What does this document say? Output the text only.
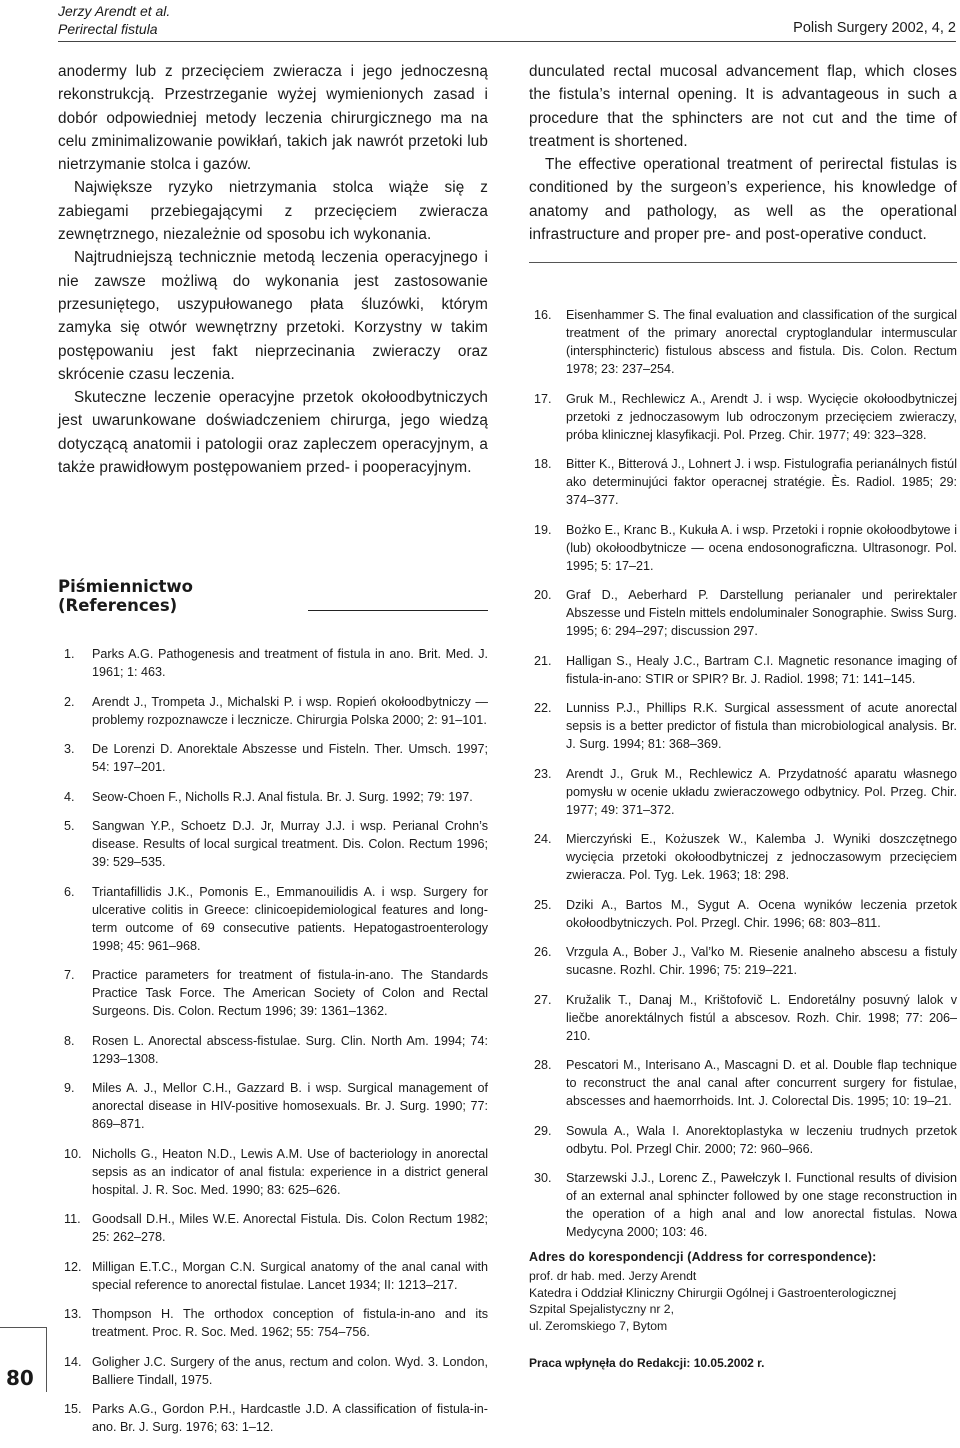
Jerzy Arendt et al.
Perirectal fistula	Polish Surgery 2002, 4, 2

anodermy lub z przecięciem zwieracza i jego jednoczesną rekonstrukcją. Przestrzeganie wyżej wymienionych zasad i dobór odpowiedniej metody leczenia chirurgicznego ma na celu zminimalizowanie powikłań, takich jak nawrót przetoki lub nietrzymanie stolca i gazów.

Największe ryzyko nietrzymania stolca wiąże się z zabiegami przebiegającymi z przecięciem zwieracza zewnętrznego, niezależnie od sposobu ich wykonania.

Najtrudniejszą technicznie metodą leczenia operacyjnego i nie zawsze możliwą do wykonania jest zastosowanie przesuniętego, uszypułowanego płata śluzówki, którym zamyka się otwór wewnętrzny przetoki. Korzystny w takim postępowaniu jest fakt nieprzecinania zwieraczy oraz skrócenie czasu leczenia.

Skuteczne leczenie operacyjne przetok okołoodbytniczych jest uwarunkowane doświadczeniem chirurga, jego wiedzą dotyczącą anatomii i patologii oraz zapleczem operacyjnym, a także prawidłowym postępowaniem przed- i pooperacyjnym.

Piśmiennictwo (References)
1.	Parks A.G. Pathogenesis and treatment of fistula in ano. Brit. Med. J. 1961; 1: 463.
2.	Arendt J., Trompeta J., Michalski P. i wsp. Ropień okołoodbytniczy — problemy rozpoznawcze i lecznicze. Chirurgia Polska 2000; 2: 91–101.
3.	De Lorenzi D. Anorektale Abszesse und Fisteln. Ther. Umsch. 1997; 54: 197–201.
4.	Seow-Choen F., Nicholls R.J. Anal fistula. Br. J. Surg. 1992; 79: 197.
5.	Sangwan Y.P., Schoetz D.J. Jr, Murray J.J. i wsp. Perianal Crohn’s disease. Results of local surgical treatment. Dis. Colon. Rectum 1996; 39: 529–535.
6.	Triantafillidis J.K., Pomonis E., Emmanouilidis A. i wsp. Surgery for ulcerative colitis in Greece: clinicoepidemiological features and long-term outcome of 69 consecutive patients. Hepatogastroenterology 1998; 45: 961–968.
7.	Practice parameters for treatment of fistula-in-ano. The Standards Practice Task Force. The American Society of Colon and Rectal Surgeons. Dis. Colon. Rectum 1996; 39: 1361–1362.
8.	Rosen L. Anorectal abscess-fistulae. Surg. Clin. North Am. 1994; 74: 1293–1308.
9.	Miles A. J., Mellor C.H., Gazzard B. i wsp. Surgical management of anorectal disease in HIV-positive homosexuals. Br. J. Surg. 1990; 77: 869–871.
10. Nicholls G., Heaton N.D., Lewis A.M. Use of bacteriology in anorectal sepsis as an indicator of anal fistula: experience in a district general hospital. J. R. Soc. Med. 1990; 83: 625–626.
11. Goodsall D.H., Miles W.E. Anorectal Fistula. Dis. Colon Rectum 1982; 25: 262–278.
12. Milligan E.T.C., Morgan C.N. Surgical anatomy of the anal canal with special reference to anorectal fistulae. Lancet 1934; II: 1213–217.
13. Thompson H. The orthodox conception of fistula-in-ano and its treatment. Proc. R. Soc. Med. 1962; 55: 754–756.
14. Goligher J.C. Surgery of the anus, rectum and colon. Wyd. 3. London, Balliere Tindall, 1975.
15. Parks A.G., Gordon P.H., Hardcastle J.D. A classification of fistula-in-ano. Br. J. Surg. 1976; 63: 1–12.

dunculated rectal mucosal advancement flap, which closes the fistula’s internal opening. It is advantageous in such a procedure that the sphincters are not cut and the time of treatment is shortened.

The effective operational treatment of perirectal fistulas is conditioned by the surgeon’s experience, his knowledge of anatomy and pathology, as well as the operational infrastructure and proper pre- and post-operative conduct.

16.	Eisenhammer S. The final evaluation and classification of the surgical treatment of the primary anorectal cryptoglandular intermuscular (intersphincteric) fistulous abscess and fistula. Dis. Colon. Rectum 1978; 23: 237–254.
17.	Gruk M., Rechlewicz A., Arendt J. i wsp. Wycięcie okołoodbytniczej przetoki z jednoczasowym lub odroczonym przecięciem zwieraczy, próba klinicznej klasyfikacji. Pol. Przeg. Chir. 1977; 49: 323–328.
18.	Bitter K., Bitterová J., Lohnert J. i wsp. Fistulografia perianálnych fistúl ako determinujúci faktor operacnej stratégie. Ès. Radiol. 1985; 29: 374–377.
19.	Bożko E., Kranc B., Kukuła A. i wsp. Przetoki i ropnie okołoodbytowe i (lub) okołoodbytnicze — ocena endosonograficzna. Ultrasonogr. Pol. 1995; 5: 17–21.
20.	Graf D., Aeberhard P. Darstellung perianaler und perirektaler Abszesse und Fisteln mittels endoluminaler Sonographie. Swiss Surg. 1995; 6: 294–297; discussion 297.
21.	Halligan S., Healy J.C., Bartram C.I. Magnetic resonance imaging of fistula-in-ano: STIR or SPIR? Br. J. Radiol. 1998; 71: 141–145.
22.	Lunniss P.J., Phillips R.K. Surgical assessment of acute anorectal sepsis is a better predictor of fistula than microbiological analysis. Br. J. Surg. 1994; 81: 368–369.
23.	Arendt J., Gruk M., Rechlewicz A. Przydatność aparatu własnego pomysłu w ocenie układu zwieraczowego odbytnicy. Pol. Przeg. Chir. 1977; 49: 371–372.
24.	Mierczyński E., Kożuszek W., Kalemba J. Wyniki doszczętnego wycięcia przetoki okołoodbytniczej z jednoczasowym przecięciem zwieracza. Pol. Tyg. Lek. 1963; 18: 298.
25.	Dziki A., Bartos M., Sygut A. Ocena wyników leczenia przetok okołoodbytniczych. Pol. Przegl. Chir. 1996; 68: 803–811.
26.	Vrzgula A., Bober J., Val’ko M. Riesenie analneho abscesu a fistuly sucasne. Rozhl. Chir. 1996; 75: 219–221.
27.	Kružalik T., Danaj M., Krištofovič L. Endoretálny posuvný lalok v liečbe anorektálnych fistúl a abscesov. Rozh. Chir. 1998; 77: 206–210.
28.	Pescatori M., Interisano A., Mascagni D. et al. Double flap technique to reconstruct the anal canal after concurrent surgery for fistulae, abscesses and haemorrhoids. Int. J. Colorectal Dis. 1995; 10: 19–21.
29.	Sowula A., Wala I. Anorektoplastyka w leczeniu trudnych przetok odbytu. Pol. Przegl Chir. 2000; 72: 960–966.
30.	Starzewski J.J., Lorenc Z., Pawełczyk I. Functional results of division of an external anal sphincter followed by one stage reconstruction in the operation of a high anal and low anorectal fistulas. Nowa Medycyna 2000; 103: 46.
Adres do korespondencji (Address for correspondence):
prof. dr hab. med. Jerzy Arendt
Katedra i Oddział Kliniczny Chirurgii Ogólnej i Gastroenterologicznej
Szpital Spejalistyczny nr 2,
ul. Zeromskiego 7, Bytom
Praca wpłynęła do Redakcji: 10.05.2002 r.
80
